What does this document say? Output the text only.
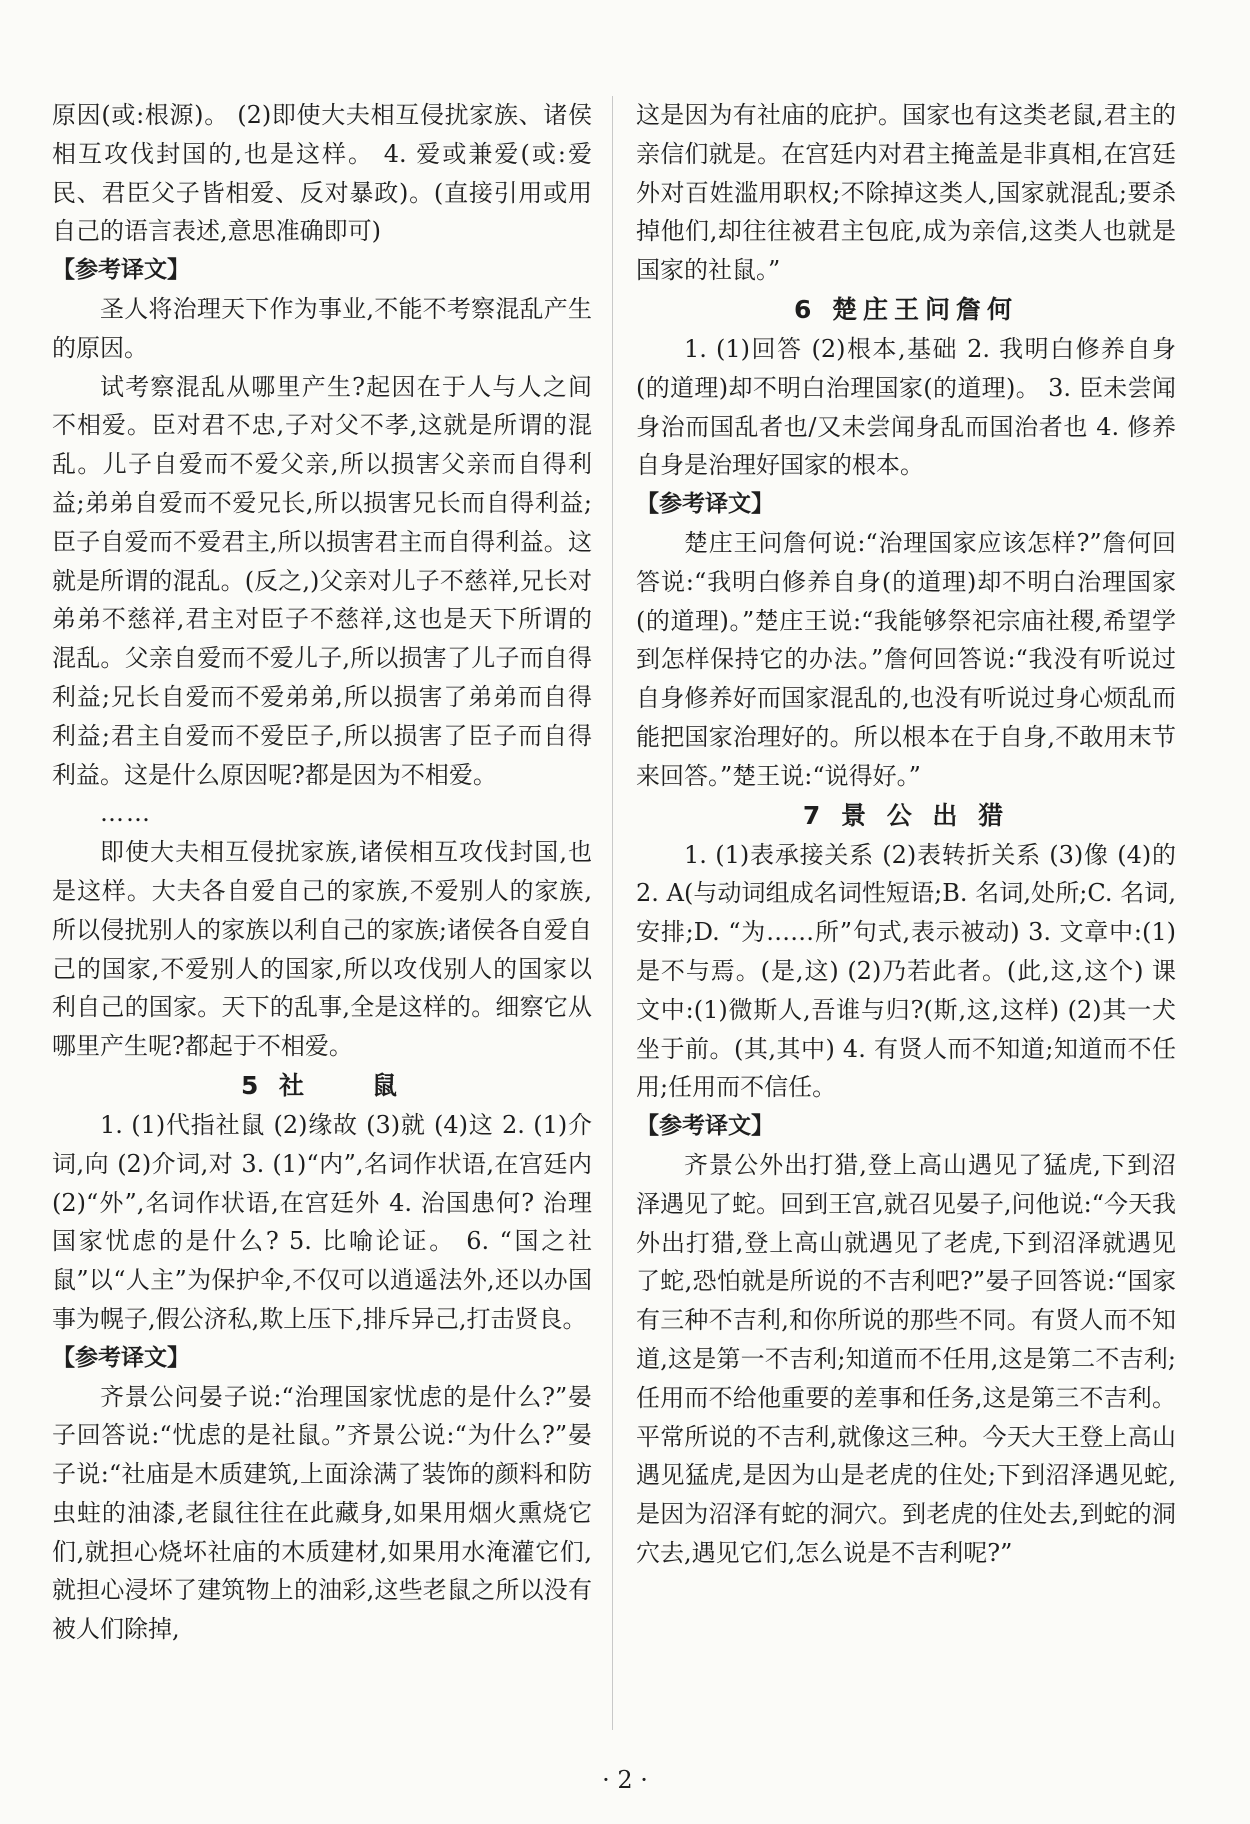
原因(或:根源)。 (2)即使大夫相互侵扰家族、诸侯相互攻伐封国的,也是这样。 4. 爱或兼爱(或:爱民、君臣父子皆相爱、反对暴政)。(直接引用或用自己的语言表述,意思准确即可)

【参考译文】

圣人将治理天下作为事业,不能不考察混乱产生的原因。

试考察混乱从哪里产生?起因在于人与人之间不相爱。臣对君不忠,子对父不孝,这就是所谓的混乱。儿子自爱而不爱父亲,所以损害父亲而自得利益;弟弟自爱而不爱兄长,所以损害兄长而自得利益;臣子自爱而不爱君主,所以损害君主而自得利益。这就是所谓的混乱。(反之,)父亲对儿子不慈祥,兄长对弟弟不慈祥,君主对臣子不慈祥,这也是天下所谓的混乱。父亲自爱而不爱儿子,所以损害了儿子而自得利益;兄长自爱而不爱弟弟,所以损害了弟弟而自得利益;君主自爱而不爱臣子,所以损害了臣子而自得利益。这是什么原因呢?都是因为不相爱。

……

即使大夫相互侵扰家族,诸侯相互攻伐封国,也是这样。大夫各自爱自己的家族,不爱别人的家族,所以侵扰别人的家族以利自己的家族;诸侯各自爱自己的国家,不爱别人的国家,所以攻伐别人的国家以利自己的国家。天下的乱事,全是这样的。细察它从哪里产生呢?都起于不相爱。

5 社　　鼠

1. (1)代指社鼠 (2)缘故 (3)就 (4)这 2. (1)介词,向 (2)介词,对 3. (1)“内”,名词作状语,在宫廷内 (2)“外”,名词作状语,在宫廷外 4. 治国患何? 治理国家忧虑的是什么? 5. 比喻论证。 6. “国之社鼠”以“人主”为保护伞,不仅可以逍遥法外,还以办国事为幌子,假公济私,欺上压下,排斥异己,打击贤良。

【参考译文】

齐景公问晏子说:“治理国家忧虑的是什么?”晏子回答说:“忧虑的是社鼠。”齐景公说:“为什么?”晏子说:“社庙是木质建筑,上面涂满了装饰的颜料和防虫蛀的油漆,老鼠往往在此藏身,如果用烟火熏烧它们,就担心烧坏社庙的木质建材,如果用水淹灌它们,就担心浸坏了建筑物上的油彩,这些老鼠之所以没有被人们除掉,

这是因为有社庙的庇护。国家也有这类老鼠,君主的亲信们就是。在宫廷内对君主掩盖是非真相,在宫廷外对百姓滥用职权;不除掉这类人,国家就混乱;要杀掉他们,却往往被君主包庇,成为亲信,这类人也就是国家的社鼠。”

6 楚庄王问詹何

1. (1)回答 (2)根本,基础 2. 我明白修养自身(的道理)却不明白治理国家(的道理)。 3. 臣未尝闻身治而国乱者也/又未尝闻身乱而国治者也 4. 修养自身是治理好国家的根本。

【参考译文】

楚庄王问詹何说:“治理国家应该怎样?”詹何回答说:“我明白修养自身(的道理)却不明白治理国家(的道理)。”楚庄王说:“我能够祭祀宗庙社稷,希望学到怎样保持它的办法。”詹何回答说:“我没有听说过自身修养好而国家混乱的,也没有听说过身心烦乱而能把国家治理好的。所以根本在于自身,不敢用末节来回答。”楚王说:“说得好。”

7 景 公 出 猎

1. (1)表承接关系 (2)表转折关系 (3)像 (4)的 2. A(与动词组成名词性短语;B. 名词,处所;C. 名词,安排;D. “为……所”句式,表示被动) 3. 文章中:(1)是不与焉。(是,这) (2)乃若此者。(此,这,这个) 课文中:(1)微斯人,吾谁与归?(斯,这,这样) (2)其一犬坐于前。(其,其中) 4. 有贤人而不知道;知道而不任用;任用而不信任。

【参考译文】

齐景公外出打猎,登上高山遇见了猛虎,下到沼泽遇见了蛇。回到王宫,就召见晏子,问他说:“今天我外出打猎,登上高山就遇见了老虎,下到沼泽就遇见了蛇,恐怕就是所说的不吉利吧?”晏子回答说:“国家有三种不吉利,和你所说的那些不同。有贤人而不知道,这是第一不吉利;知道而不任用,这是第二不吉利;任用而不给他重要的差事和任务,这是第三不吉利。平常所说的不吉利,就像这三种。今天大王登上高山遇见猛虎,是因为山是老虎的住处;下到沼泽遇见蛇,是因为沼泽有蛇的洞穴。到老虎的住处去,到蛇的洞穴去,遇见它们,怎么说是不吉利呢?”

· 2 ·
